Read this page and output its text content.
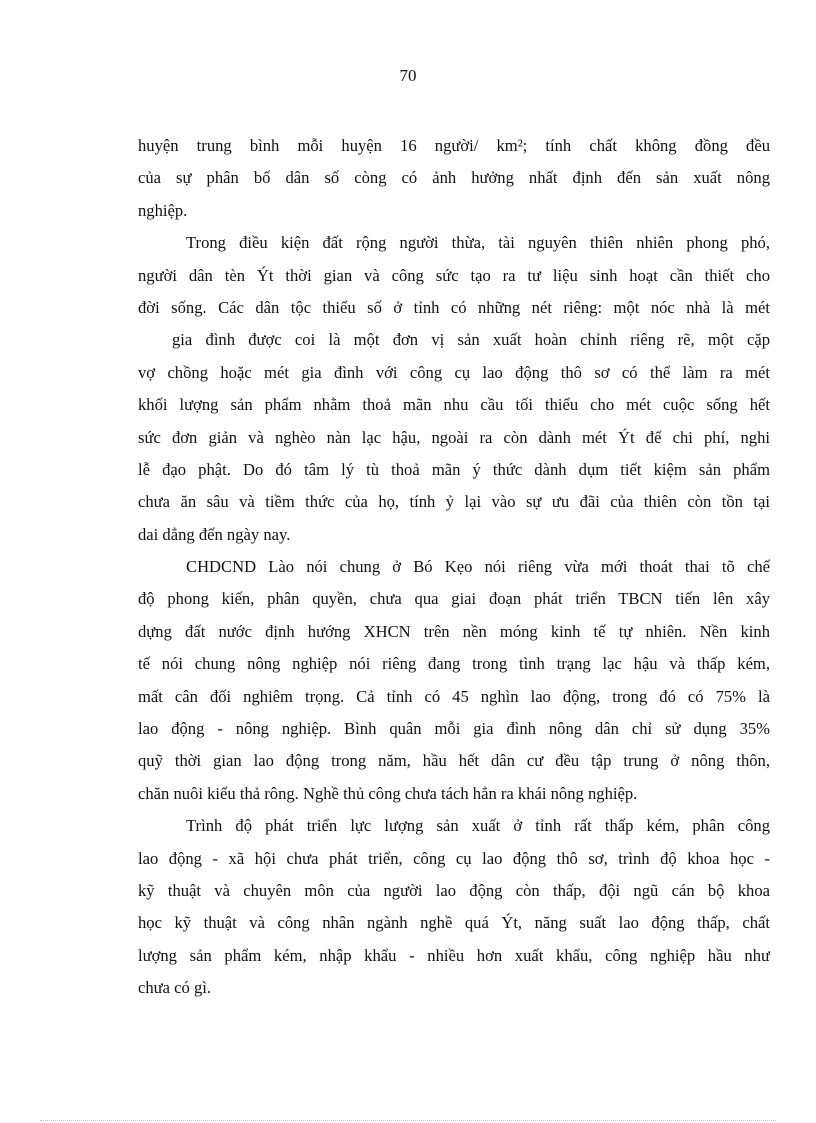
70
huyện trung bình mỗi huyện 16 người/ km²; tính chất không đồng đều
của sự phân bố dân số còng có ảnh hưởng nhất định đến sản xuất nông
nghiệp.
Trong điều kiện đất rộng người thừa, tài nguyên thiên nhiên phong phó,
người dân tèn Ýt thời gian và công sức tạo ra tư liệu sinh hoạt cần thiết cho
đời sống. Các dân tộc thiểu số ở tỉnh có những nét riêng: một nóc nhà là mét
gia đình được coi là một đơn vị sản xuất hoàn chỉnh riêng rẽ, một cặp
vợ chồng hoặc mét gia đình với công cụ lao động thô sơ có thể làm ra mét
khối lượng sản phẩm nhằm thoả mãn nhu cầu tối thiểu cho mét cuộc sống hết
sức đơn giản và nghèo nàn lạc hậu, ngoài ra còn dành mét Ýt để chi phí, nghi
lễ đạo phật. Do đó tâm lý tù thoả mãn ý thức dành dụm tiết kiệm sản phẩm
chưa ăn sâu và tiềm thức của họ, tính ỷ lại vào sự ưu đãi của thiên còn tồn tại
dai dẳng đến ngày nay.
CHDCND Lào nói chung ở Bó Kẹo nói riêng vừa mới thoát thai tõ chế
độ phong kiến, phân quyền, chưa qua giai đoạn phát triển TBCN tiến lên xây
dựng đất nước định hướng XHCN trên nền móng kinh tế tự nhiên. Nền kinh
tế nói chung nông nghiệp nói riêng đang trong tình trạng lạc hậu và thấp kém,
mất cân đối nghiêm trọng. Cả tỉnh có 45 nghìn lao động, trong đó có 75% là
lao động - nông nghiệp. Bình quân mỗi gia đình nông dân chỉ sử dụng 35%
quỹ thời gian lao động trong năm, hầu hết dân cư đều tập trung ở nông thôn,
chăn nuôi kiểu thả rông. Nghề thủ công chưa tách hẳn ra khái nông nghiệp.
Trình độ phát triển lực lượng sản xuất ở tỉnh rất thấp kém, phân công
lao động - xã hội chưa phát triển, công cụ lao động thô sơ, trình độ khoa học -
kỹ thuật và chuyên môn của người lao động còn thấp, đội ngũ cán bộ khoa
học kỹ thuật và công nhân ngành nghề quá Ýt, năng suất lao động thấp, chất
lượng sản phẩm kém, nhập khẩu - nhiều hơn xuất khẩu, công nghiệp hầu như
chưa có gì.
